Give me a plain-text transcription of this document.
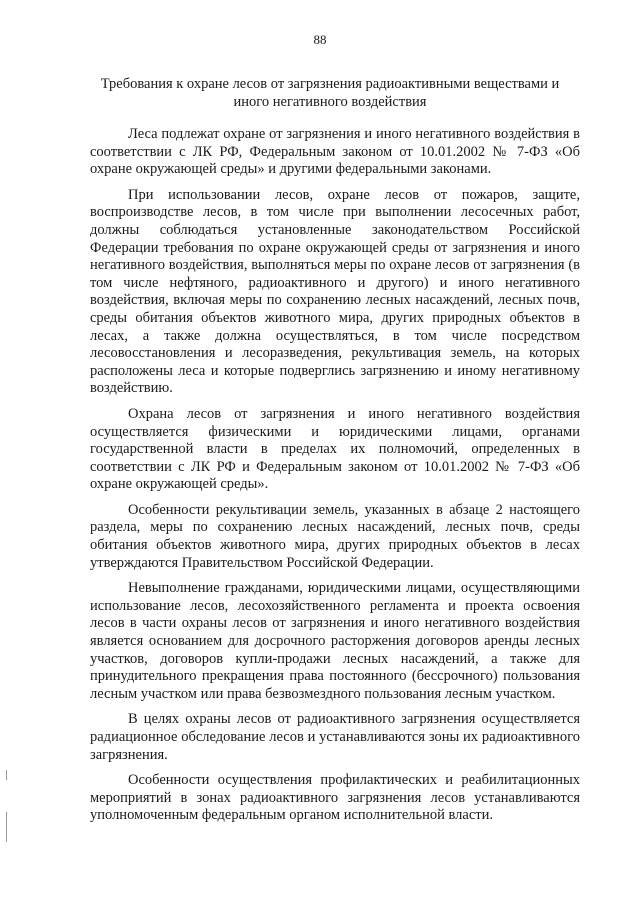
88
Требования к охране лесов от загрязнения радиоактивными веществами и
иного негативного воздействия

Леса подлежат охране от загрязнения и иного негативного воздействия в соответствии с ЛК РФ, Федеральным законом от 10.01.2002 № 7-ФЗ «Об охране окружающей среды» и другими федеральными законами.

При использовании лесов, охране лесов от пожаров, защите, воспроизводстве лесов, в том числе при выполнении лесосечных работ, должны соблюдаться установленные законодательством Российской Федерации требования по охране окружающей среды от загрязнения и иного негативного воздействия, выполняться меры по охране лесов от загрязнения (в том числе нефтяного, радиоактивного и другого) и иного негативного воздействия, включая меры по сохранению лесных насаждений, лесных почв, среды обитания объектов животного мира, других природных объектов в лесах, а также должна осуществляться, в том числе посредством лесовосстановления и лесоразведения, рекультивация земель, на которых расположены леса и которые подверглись загрязнению и иному негативному воздействию.

Охрана лесов от загрязнения и иного негативного воздействия осуществляется физическими и юридическими лицами, органами государственной власти в пределах их полномочий, определенных в соответствии с ЛК РФ и Федеральным законом от 10.01.2002 № 7-ФЗ «Об охране окружающей среды».

Особенности рекультивации земель, указанных в абзаце 2 настоящего раздела, меры по сохранению лесных насаждений, лесных почв, среды обитания объектов животного мира, других природных объектов в лесах утверждаются Правительством Российской Федерации.

Невыполнение гражданами, юридическими лицами, осуществляющими использование лесов, лесохозяйственного регламента и проекта освоения лесов в части охраны лесов от загрязнения и иного негативного воздействия является основанием для досрочного расторжения договоров аренды лесных участков, договоров купли-продажи лесных насаждений, а также для принудительного прекращения права постоянного (бессрочного) пользования лесным участком или права безвозмездного пользования лесным участком.

В целях охраны лесов от радиоактивного загрязнения осуществляется радиационное обследование лесов и устанавливаются зоны их радиоактивного загрязнения.

Особенности осуществления профилактических и реабилитационных мероприятий в зонах радиоактивного загрязнения лесов устанавливаются уполномоченным федеральным органом исполнительной власти.
